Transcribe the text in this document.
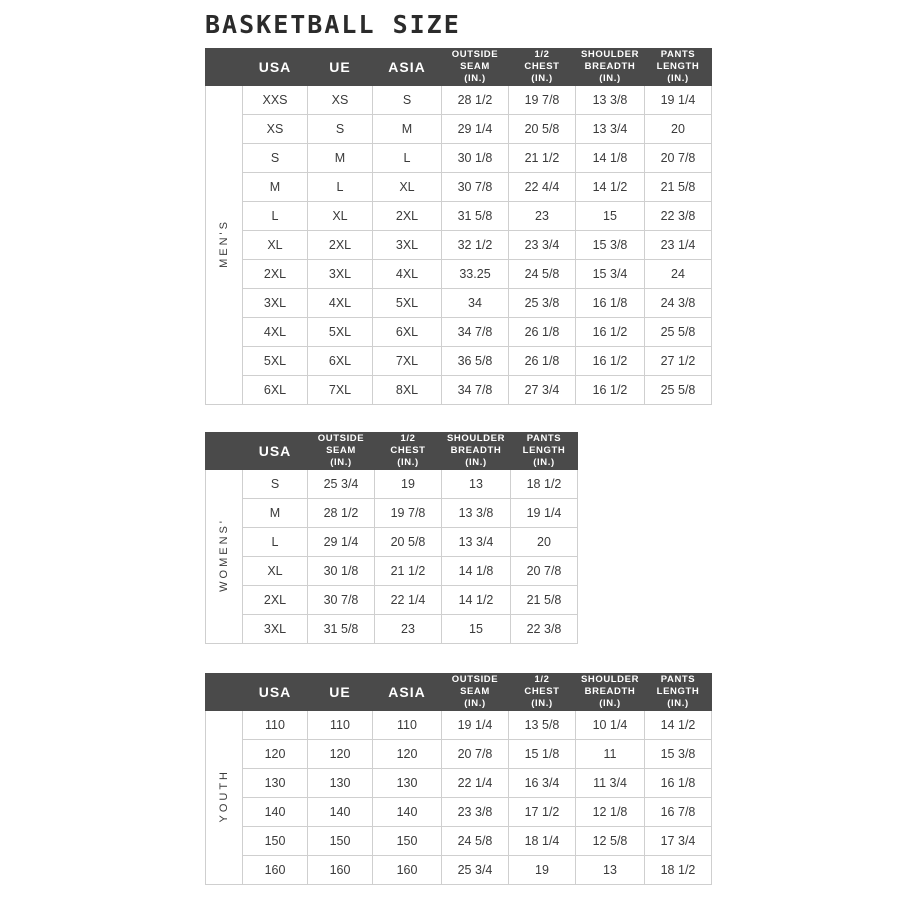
BASKETBALL SIZE

	USA	UE	ASIA	OUTSIDE
SEAM
(IN.)	1/2
CHEST
(IN.)	SHOULDER
BREADTH
(IN.)	PANTS
LENGTH
(IN.)

MEN'S	XXS	XS	S	28 1/2	19 7/8	13 3/8	19 1/4
	XS	S	M	29 1/4	20 5/8	13 3/4	20
	S	M	L	30 1/8	21 1/2	14 1/8	20 7/8
	M	L	XL	30 7/8	22 4/4	14 1/2	21 5/8
	L	XL	2XL	31 5/8	23	15	22 3/8
	XL	2XL	3XL	32 1/2	23 3/4	15 3/8	23 1/4
	2XL	3XL	4XL	33.25	24 5/8	15 3/4	24
	3XL	4XL	5XL	34	25 3/8	16 1/8	24 3/8
	4XL	5XL	6XL	34 7/8	26 1/8	16 1/2	25 5/8
	5XL	6XL	7XL	36 5/8	26 1/8	16 1/2	27 1/2
	6XL	7XL	8XL	34 7/8	27 3/4	16 1/2	25 5/8

	USA	OUTSIDE
SEAM
(IN.)	1/2
CHEST
(IN.)	SHOULDER
BREADTH
(IN.)	PANTS
LENGTH
(IN.)

WOMENS'	S	25 3/4	19	13	18 1/2
	M	28 1/2	19 7/8	13 3/8	19 1/4
	L	29 1/4	20 5/8	13 3/4	20
	XL	30 1/8	21 1/2	14 1/8	20 7/8
	2XL	30 7/8	22 1/4	14 1/2	21 5/8
	3XL	31 5/8	23	15	22 3/8

	USA	UE	ASIA	OUTSIDE
SEAM
(IN.)	1/2
CHEST
(IN.)	SHOULDER
BREADTH
(IN.)	PANTS
LENGTH
(IN.)

YOUTH	110	110	110	19 1/4	13 5/8	10 1/4	14 1/2
	120	120	120	20 7/8	15 1/8	11	15 3/8
	130	130	130	22 1/4	16 3/4	11 3/4	16 1/8
	140	140	140	23 3/8	17 1/2	12 1/8	16 7/8
	150	150	150	24 5/8	18 1/4	12 5/8	17 3/4
	160	160	160	25 3/4	19	13	18 1/2
